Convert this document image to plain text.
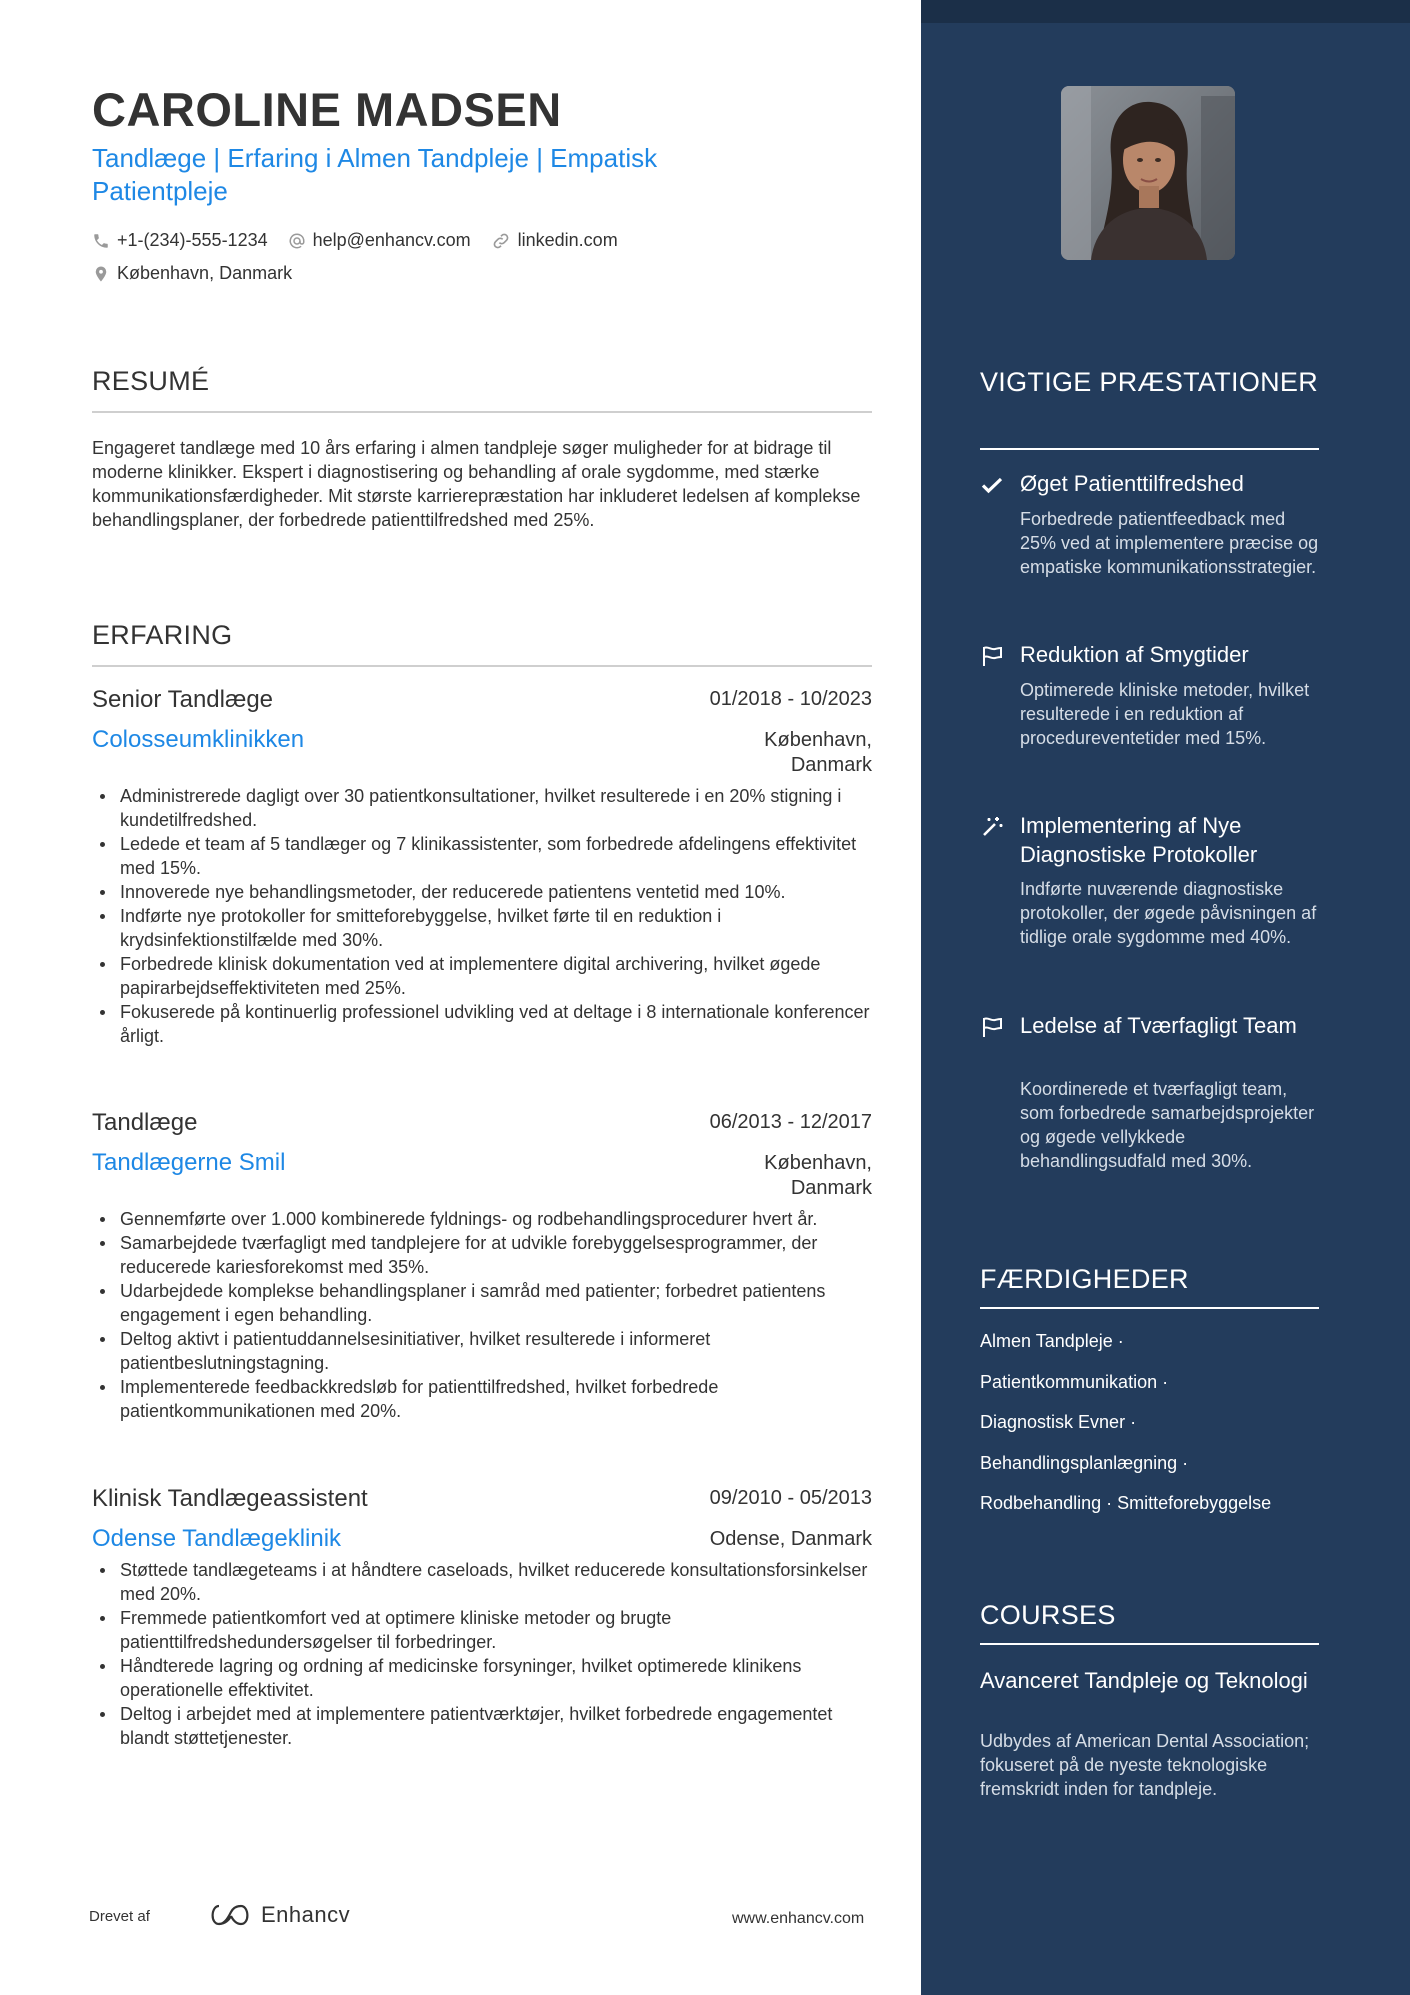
CAROLINE MADSEN
Tandlæge | Erfaring i Almen Tandpleje | Empatisk Patientpleje
+1-(234)-555-1234	help@enhancv.com	linkedin.com
København, Danmark
RESUMÉ
Engageret tandlæge med 10 års erfaring i almen tandpleje søger muligheder for at bidrage til moderne klinikker. Ekspert i diagnostisering og behandling af orale sygdomme, med stærke kommunikationsfærdigheder. Mit største karrierepræstation har inkluderet ledelsen af komplekse behandlingsplaner, der forbedrede patienttilfredshed med 25%.
ERFARING
Senior Tandlæge	01/2018 - 10/2023
Colosseumklinikken	København, Danmark
Administrerede dagligt over 30 patientkonsultationer, hvilket resulterede i en 20% stigning i kundetilfredshed.
Ledede et team af 5 tandlæger og 7 klinikassistenter, som forbedrede afdelingens effektivitet med 15%.
Innoverede nye behandlingsmetoder, der reducerede patientens ventetid med 10%.
Indførte nye protokoller for smitteforebyggelse, hvilket førte til en reduktion i krydsinfektionstilfælde med 30%.
Forbedrede klinisk dokumentation ved at implementere digital archivering, hvilket øgede papirarbejdseffektiviteten med 25%.
Fokuserede på kontinuerlig professionel udvikling ved at deltage i 8 internationale konferencer årligt.
Tandlæge	06/2013 - 12/2017
Tandlægerne Smil	København, Danmark
Gennemførte over 1.000 kombinerede fyldnings- og rodbehandlingsprocedurer hvert år.
Samarbejdede tværfagligt med tandplejere for at udvikle forebyggelsesprogrammer, der reducerede kariesforekomst med 35%.
Udarbejdede komplekse behandlingsplaner i samråd med patienter; forbedret patientens engagement i egen behandling.
Deltog aktivt i patientuddannelsesinitiativer, hvilket resulterede i informeret patientbeslutningstagning.
Implementerede feedbackkredsløb for patienttilfredshed, hvilket forbedrede patientkommunikationen med 20%.
Klinisk Tandlægeassistent	09/2010 - 05/2013
Odense Tandlægeklinik	Odense, Danmark
Støttede tandlægeteams i at håndtere caseloads, hvilket reducerede konsultationsforsinkelser med 20%.
Fremmede patientkomfort ved at optimere kliniske metoder og brugte patienttilfredshedundersøgelser til forbedringer.
Håndterede lagring og ordning af medicinske forsyninger, hvilket optimerede klinikens operationelle effektivitet.
Deltog i arbejdet med at implementere patientværktøjer, hvilket forbedrede engagementet blandt støttetjenester.
Drevet af	Enhancv	www.enhancv.com
VIGTIGE PRÆSTATIONER
Øget Patienttilfredshed
Forbedrede patientfeedback med 25% ved at implementere præcise og empatiske kommunikationsstrategier.
Reduktion af Smygtider
Optimerede kliniske metoder, hvilket resulterede i en reduktion af procedureventetider med 15%.
Implementering af Nye Diagnostiske Protokoller
Indførte nuværende diagnostiske protokoller, der øgede påvisningen af tidlige orale sygdomme med 40%.
Ledelse af Tværfagligt Team
Koordinerede et tværfagligt team, som forbedrede samarbejdsprojekter og øgede vellykkede behandlingsudfald med 30%.
FÆRDIGHEDER
Almen Tandpleje ·
Patientkommunikation ·
Diagnostisk Evner ·
Behandlingsplanlægning ·
Rodbehandling · Smitteforebyggelse
COURSES
Avanceret Tandpleje og Teknologi
Udbydes af American Dental Association; fokuseret på de nyeste teknologiske fremskridt inden for tandpleje.
